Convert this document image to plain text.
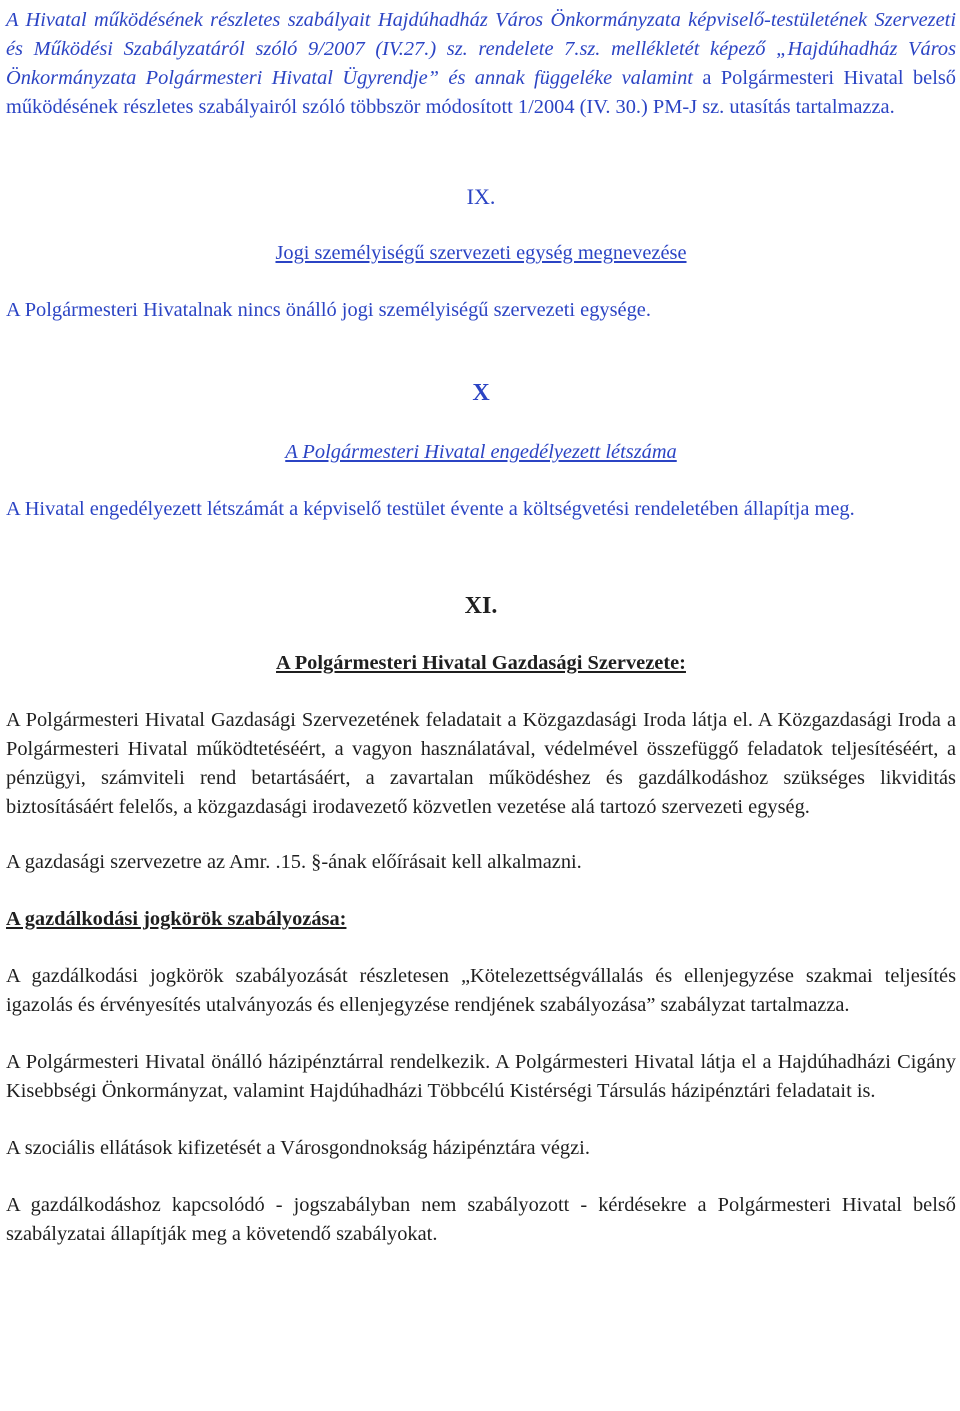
A Hivatal működésének részletes szabályait Hajdúhadház Város Önkormányzata képviselő-testületének Szervezeti és Működési Szabályzatáról szóló 9/2007 (IV.27.) sz. rendelete 7.sz. mellékletét képező „Hajdúhadház Város Önkormányzata Polgármesteri Hivatal Ügyrendje” és annak függeléke valamint a Polgármesteri Hivatal belső működésének részletes szabályairól szóló többször módosított 1/2004 (IV. 30.) PM-J sz. utasítás tartalmazza.

IX.

Jogi személyiségű szervezeti egység megnevezése

A Polgármesteri Hivatalnak nincs önálló jogi személyiségű szervezeti egysége.

X

A Polgármesteri Hivatal engedélyezett létszáma

A Hivatal engedélyezett létszámát a képviselő testület évente a költségvetési rendeletében állapítja meg.

XI.

A Polgármesteri Hivatal Gazdasági Szervezete:

A Polgármesteri Hivatal Gazdasági Szervezetének feladatait a Közgazdasági Iroda látja el. A Közgazdasági Iroda a Polgármesteri Hivatal működtetéséért, a vagyon használatával, védelmével összefüggő feladatok teljesítéséért, a pénzügyi, számviteli rend betartásáért, a zavartalan működéshez és gazdálkodáshoz szükséges likviditás biztosításáért felelős, a közgazdasági irodavezető közvetlen vezetése alá tartozó szervezeti egység.

A gazdasági szervezetre az Amr. .15. §-ának előírásait kell alkalmazni.

A gazdálkodási jogkörök szabályozása:

A gazdálkodási jogkörök szabályozását részletesen „Kötelezettségvállalás és ellenjegyzése szakmai teljesítés igazolás és érvényesítés utalványozás és ellenjegyzése rendjének szabályozása” szabályzat tartalmazza.

A Polgármesteri Hivatal önálló házipénztárral rendelkezik. A Polgármesteri Hivatal látja el a Hajdúhadházi Cigány Kisebbségi Önkormányzat, valamint Hajdúhadházi Többcélú Kistérségi Társulás házipénztári feladatait is.

A szociális ellátások kifizetését a Városgondnokság házipénztára végzi.

A gazdálkodáshoz kapcsolódó - jogszabályban nem szabályozott - kérdésekre a Polgármesteri Hivatal belső szabályzatai állapítják meg a követendő szabályokat.
